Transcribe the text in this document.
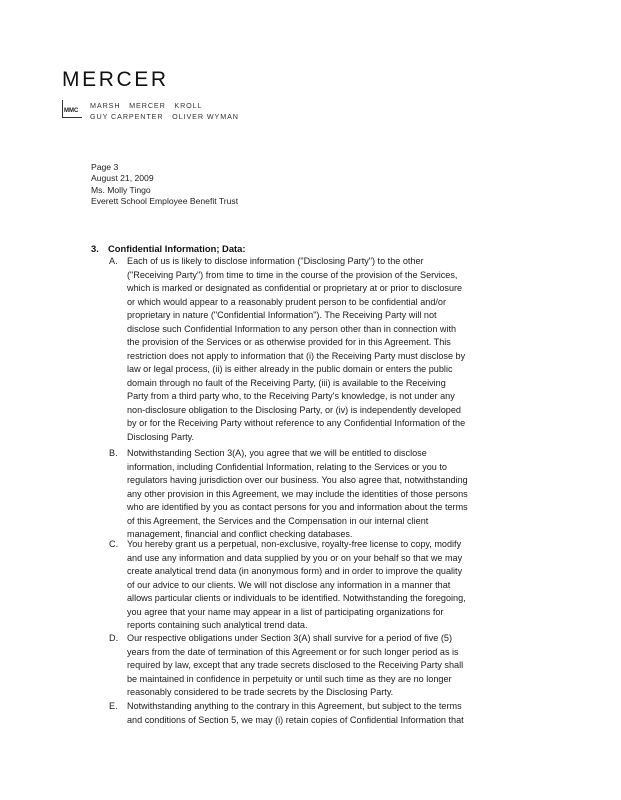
MERCER
MMC
MARSH   MERCER   KROLL
GUY CARPENTER   OLIVER WYMAN
Page 3
August 21, 2009
Ms. Molly Tingo
Everett School Employee Benefit Trust
3. Confidential Information; Data:
A.	Each of us is likely to disclose information ("Disclosing Party") to the other
("Receiving Party") from time to time in the course of the provision of the Services,
which is marked or designated as confidential or proprietary at or prior to disclosure
or which would appear to a reasonably prudent person to be confidential and/or
proprietary in nature ("Confidential Information"). The Receiving Party will not
disclose such Confidential Information to any person other than in connection with
the provision of the Services or as otherwise provided for in this Agreement. This
restriction does not apply to information that (i) the Receiving Party must disclose by
law or legal process, (ii) is either already in the public domain or enters the public
domain through no fault of the Receiving Party, (iii) is available to the Receiving
Party from a third party who, to the Receiving Party's knowledge, is not under any
non-disclosure obligation to the Disclosing Party, or (iv) is independently developed
by or for the Receiving Party without reference to any Confidential Information of the
Disclosing Party.
B.	Notwithstanding Section 3(A), you agree that we will be entitled to disclose
information, including Confidential Information, relating to the Services or you to
regulators having jurisdiction over our business. You also agree that, notwithstanding
any other provision in this Agreement, we may include the identities of those persons
who are identified by you as contact persons for you and information about the terms
of this Agreement, the Services and the Compensation in our internal client
management, financial and conflict checking databases.
C. You hereby grant us a perpetual, non-exclusive, royalty-free license to copy, modify
and use any information and data supplied by you or on your behalf so that we may
create analytical trend data (in anonymous form) and in order to improve the quality
of our advice to our clients. We will not disclose any information in a manner that
allows particular clients or individuals to be identified. Notwithstanding the foregoing,
you agree that your name may appear in a list of participating organizations for
reports containing such analytical trend data.
D. Our respective obligations under Section 3(A) shall survive for a period of five (5)
years from the date of termination of this Agreement or for such longer period as is
required by law, except that any trade secrets disclosed to the Receiving Party shall
be maintained in confidence in perpetuity or until such time as they are no longer
reasonably considered to be trade secrets by the Disclosing Party.
E.	Notwithstanding anything to the contrary in this Agreement, but subject to the terms
and conditions of Section 5, we may (i) retain copies of Confidential Information that
